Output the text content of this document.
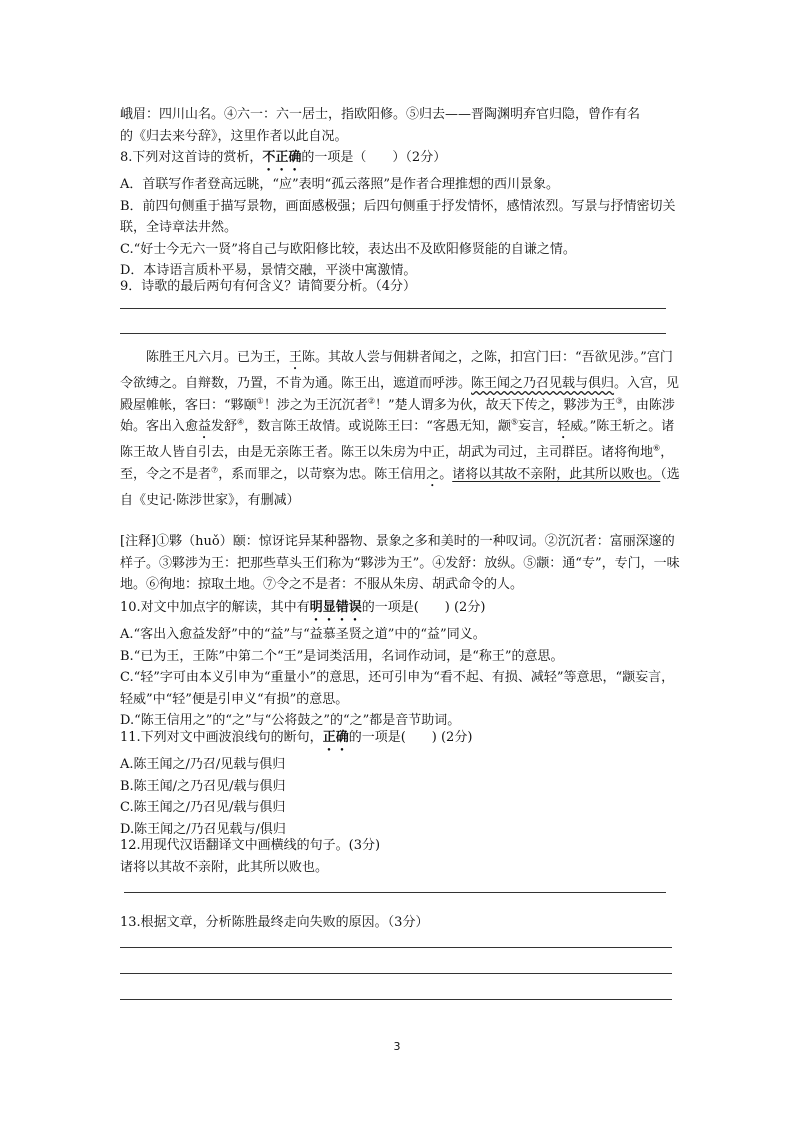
峨眉：四川山名。④六一：六一居士，指欧阳修。⑤归去——晋陶渊明弃官归隐，曾作有名

的《归去来兮辞》，这里作者以此自况。

8.下列对这首诗的赏析，不正确的一项是（　　）（2分）

A．首联写作者登高远眺，“应”表明“孤云落照”是作者合理推想的西川景象。

B．前四句侧重于描写景物，画面感极强；后四句侧重于抒发情怀，感情浓烈。写景与抒情密切关联，全诗章法井然。

C.“好士今无六一贤”将自己与欧阳修比较，表达出不及欧阳修贤能的自谦之情。

D．本诗语言质朴平易，景情交融，平淡中寓激情。

9．诗歌的最后两句有何含义？请简要分析。（4分）

陈胜王凡六月。已为王，王陈。其故人尝与佣耕者闻之，之陈，扣宫门曰：“吾欲见涉。”宫门令欲缚之。自辩数，乃置，不肯为通。陈王出，遮道而呼涉。陈王闻之乃召见载与俱归。入宫，见殿屋帷帐，客曰：“夥颐①！涉之为王沉沉者②！”楚人谓多为伙，故天下传之，夥涉为王③，由陈涉始。客出入愈益发舒④，数言陈王故情。或说陈王曰：“客愚无知，颛⑤妄言，轻威。”陈王斩之。诸陈王故人皆自引去，由是无亲陈王者。陈王以朱房为中正，胡武为司过，主司群臣。诸将徇地⑥，至，令之不是者⑦，系而罪之，以苛察为忠。陈王信用之。诸将以其故不亲附，此其所以败也。（选自《史记·陈涉世家》，有删减）

[注释]①夥（huǒ）颐：惊讶诧异某种器物、景象之多和美时的一种叹词。②沉沉者：富丽深邃的样子。③夥涉为王：把那些草头王们称为“夥涉为王”。④发舒：放纵。⑤颛：通“专”，专门，一味地。⑥徇地：掠取土地。⑦令之不是者：不服从朱房、胡武命令的人。

10.对文中加点字的解读，其中有明显错误的一项是(　　) (2分)

A.“客出入愈益发舒”中的“益”与“益慕圣贤之道”中的“益”同义。

B.“已为王，王陈”中第二个“王”是词类活用，名词作动词，是“称王”的意思。

C.“轻”字可由本义引申为“重量小”的意思，还可引申为“看不起、有损、减轻”等意思，“颛妄言，轻威”中“轻”便是引申义“有损”的意思。

D.“陈王信用之”的“之”与“公将鼓之”的“之”都是音节助词。

11.下列对文中画波浪线句的断句，正确的一项是(　　) (2分)

A.陈王闻之/乃召/见载与俱归

B.陈王闻/之乃召见/载与俱归

C.陈王闻之/乃召见/载与俱归

D.陈王闻之/乃召见载与/俱归

12.用现代汉语翻译文中画横线的句子。(3分)

诸将以其故不亲附，此其所以败也。

13.根据文章，分析陈胜最终走向失败的原因。（3分）

3
